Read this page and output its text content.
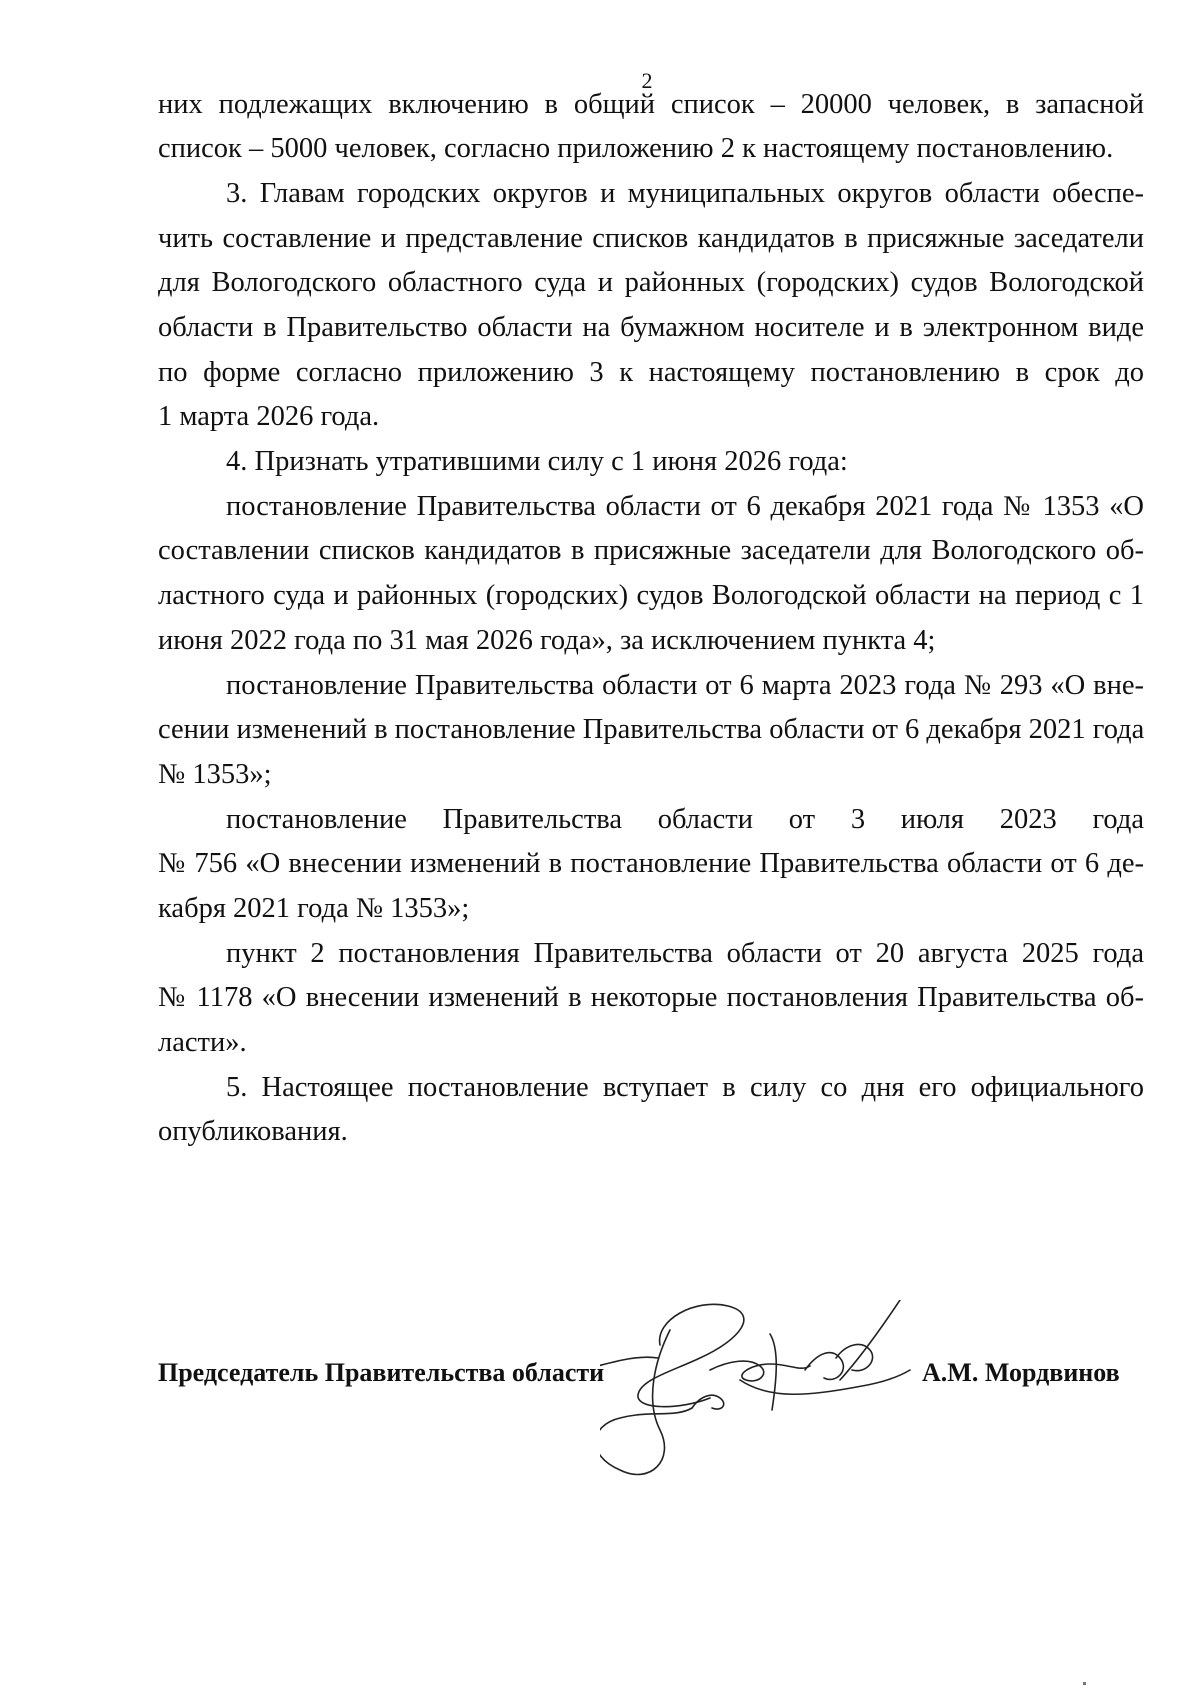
2
них подлежащих включению в общий список – 20000 человек, в запасной
список – 5000 человек, согласно приложению 2 к настоящему постановлению.
3. Главам городских округов и муниципальных округов области обеспе-
чить составление и представление списков кандидатов в присяжные заседатели
для Вологодского областного суда и районных (городских) судов Вологодской
области в Правительство области на бумажном носителе и в электронном виде
по форме согласно приложению 3 к настоящему постановлению в срок до
1 марта 2026 года.
4. Признать утратившими силу с 1 июня 2026 года:
постановление Правительства области от 6 декабря 2021 года № 1353 «О
составлении списков кандидатов в присяжные заседатели для Вологодского об-
ластного суда и районных (городских) судов Вологодской области на период с 1
июня 2022 года по 31 мая 2026 года», за исключением пункта 4;
постановление Правительства области от 6 марта 2023 года № 293 «О вне-
сении изменений в постановление Правительства области от 6 декабря 2021 года
№ 1353»;
постановление Правительства области от 3 июля 2023 года
№ 756 «О внесении изменений в постановление Правительства области от 6 де-
кабря 2021 года № 1353»;
пункт 2 постановления Правительства области от 20 августа 2025 года
№ 1178 «О внесении изменений в некоторые постановления Правительства об-
ласти».
5. Настоящее постановление вступает в силу со дня его официального
опубликования.
Председатель Правительства области	А.М. Мордвинов
